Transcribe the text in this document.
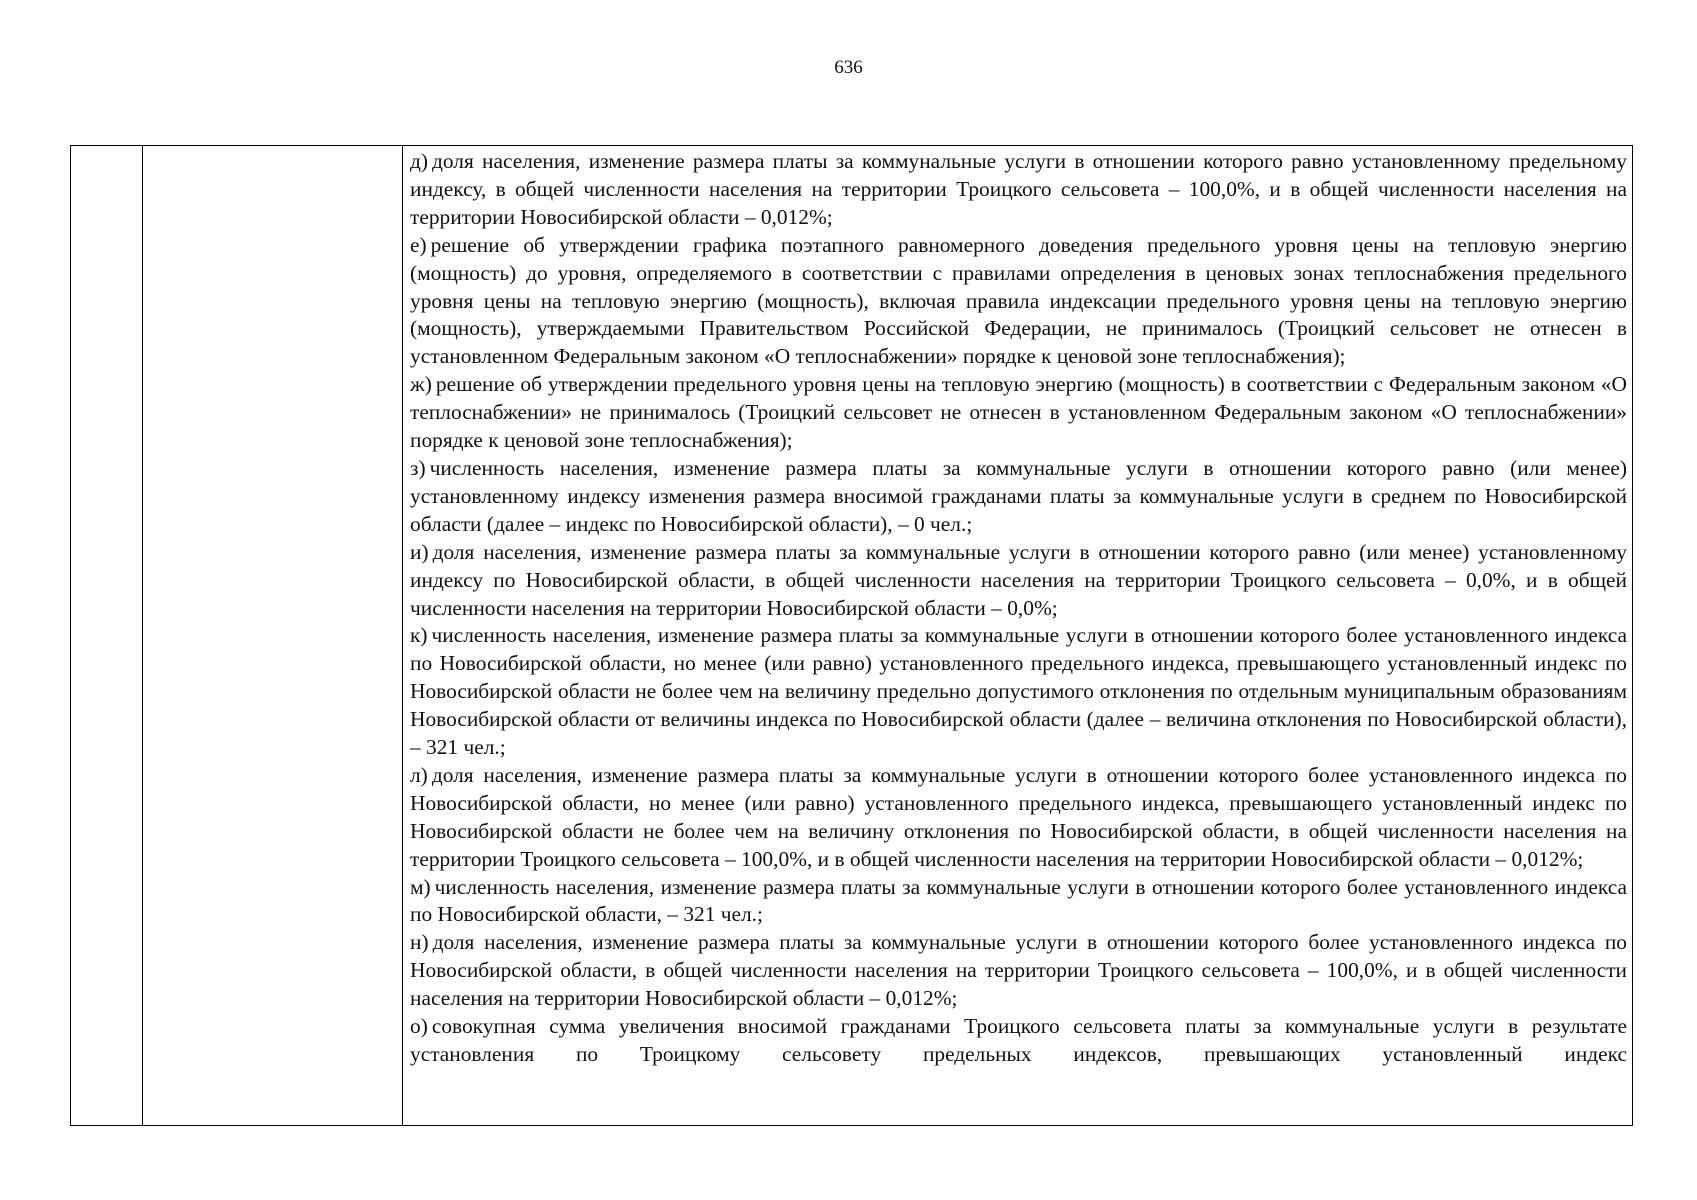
636

д) доля населения, изменение размера платы за коммунальные услуги в отношении которого равно установленному предельному индексу, в общей численности населения на территории Троицкого сельсовета – 100,0%, и в общей численности населения на территории Новосибирской области – 0,012%;

е) решение об утверждении графика поэтапного равномерного доведения предельного уровня цены на тепловую энергию (мощность) до уровня, определяемого в соответствии с правилами определения в ценовых зонах теплоснабжения предельного уровня цены на тепловую энергию (мощность), включая правила индексации предельного уровня цены на тепловую энергию (мощность), утверждаемыми Правительством Российской Федерации, не принималось (Троицкий сельсовет не отнесен в установленном Федеральным законом «О теплоснабжении» порядке к ценовой зоне теплоснабжения);

ж) решение об утверждении предельного уровня цены на тепловую энергию (мощность) в соответствии с Федеральным законом «О теплоснабжении» не принималось (Троицкий сельсовет не отнесен в установленном Федеральным законом «О теплоснабжении» порядке к ценовой зоне теплоснабжения);

з) численность населения, изменение размера платы за коммунальные услуги в отношении которого равно (или менее) установленному индексу изменения размера вносимой гражданами платы за коммунальные услуги в среднем по Новосибирской области (далее – индекс по Новосибирской области), – 0 чел.;

и) доля населения, изменение размера платы за коммунальные услуги в отношении которого равно (или менее) установленному индексу по Новосибирской области, в общей численности населения на территории Троицкого сельсовета – 0,0%, и в общей численности населения на территории Новосибирской области – 0,0%;

к) численность населения, изменение размера платы за коммунальные услуги в отношении которого более установленного индекса по Новосибирской области, но менее (или равно) установленного предельного индекса, превышающего установленный индекс по Новосибирской области не более чем на величину предельно допустимого отклонения по отдельным муниципальным образованиям Новосибирской области от величины индекса по Новосибирской области (далее – величина отклонения по Новосибирской области), – 321 чел.;

л) доля населения, изменение размера платы за коммунальные услуги в отношении которого более установленного индекса по Новосибирской области, но менее (или равно) установленного предельного индекса, превышающего установленный индекс по Новосибирской области не более чем на величину отклонения по Новосибирской области, в общей численности населения на территории Троицкого сельсовета – 100,0%, и в общей численности населения на территории Новосибирской области – 0,012%;

м) численность населения, изменение размера платы за коммунальные услуги в отношении которого более установленного индекса по Новосибирской области, – 321 чел.;

н) доля населения, изменение размера платы за коммунальные услуги в отношении которого более установленного индекса по Новосибирской области, в общей численности населения на территории Троицкого сельсовета – 100,0%, и в общей численности населения на территории Новосибирской области – 0,012%;

о) совокупная сумма увеличения вносимой гражданами Троицкого сельсовета платы за коммунальные услуги в результате установления по Троицкому сельсовету предельных индексов, превышающих установленный индекс
